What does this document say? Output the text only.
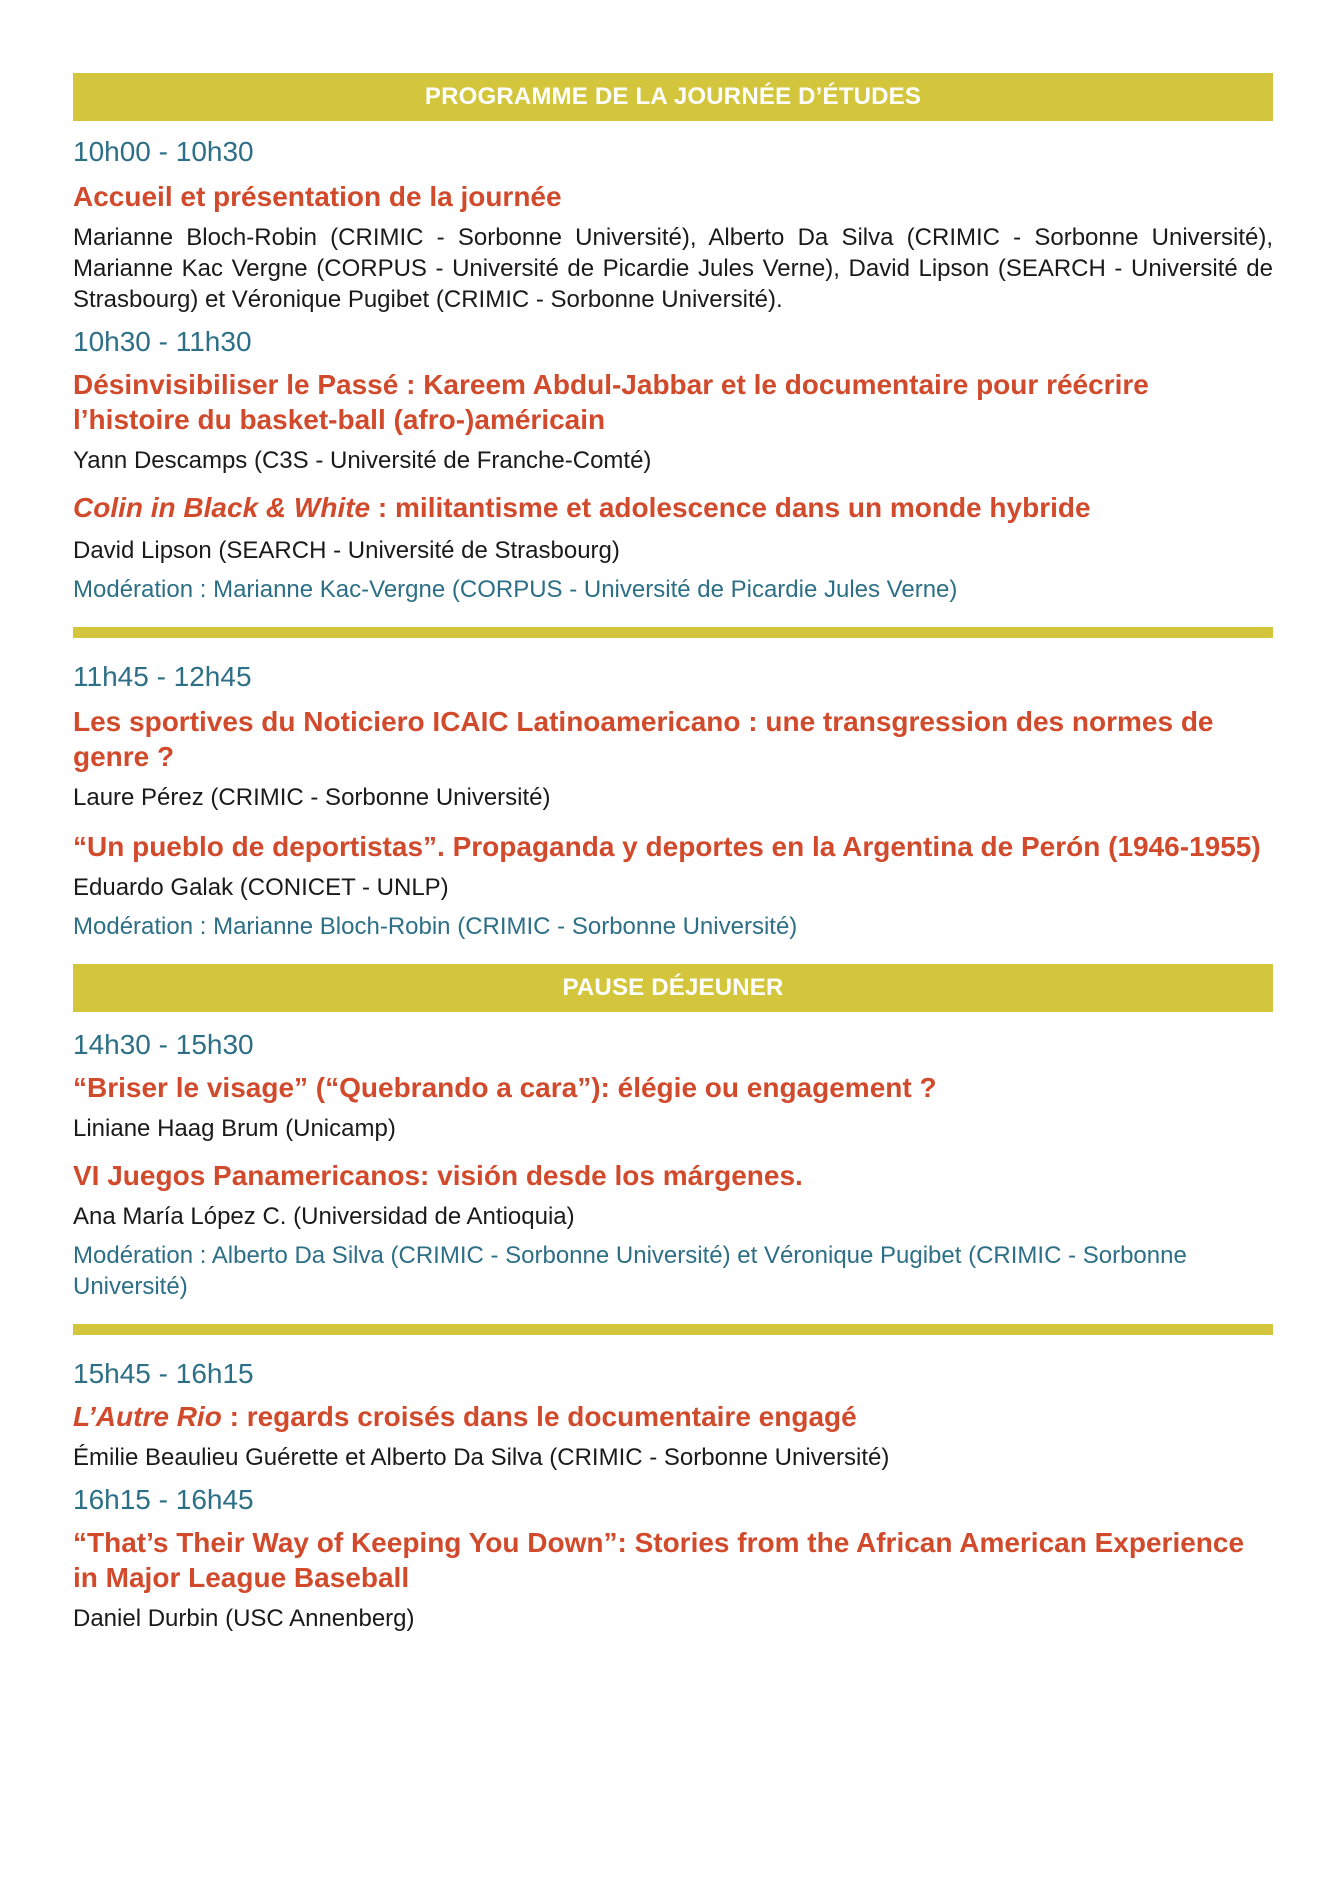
PROGRAMME DE LA JOURNÉE D’ÉTUDES
10h00 - 10h30
Accueil et présentation de la journée
Marianne Bloch-Robin (CRIMIC - Sorbonne Université), Alberto Da Silva (CRIMIC - Sorbonne Université), Marianne Kac Vergne (CORPUS - Université de Picardie Jules Verne), David Lipson (SEARCH - Université de Strasbourg) et Véronique Pugibet (CRIMIC - Sorbonne Université).
10h30 - 11h30
Désinvisibiliser le Passé : Kareem Abdul-Jabbar et le documentaire pour réécrire l’histoire du basket-ball (afro-)américain
Yann Descamps (C3S - Université de Franche-Comté)
Colin in Black & White : militantisme et adolescence dans un monde hybride
David Lipson (SEARCH - Université de Strasbourg)
Modération : Marianne Kac-Vergne (CORPUS - Université de Picardie Jules Verne)
11h45 - 12h45
Les sportives du Noticiero ICAIC Latinoamericano : une transgression des normes de genre ?
Laure Pérez (CRIMIC - Sorbonne Université)
“Un pueblo de deportistas”. Propaganda y deportes en la Argentina de Perón (1946-1955)
Eduardo Galak (CONICET - UNLP)
Modération : Marianne Bloch-Robin (CRIMIC - Sorbonne Université)
PAUSE DÉJEUNER
14h30 - 15h30
“Briser le visage” (“Quebrando a cara”): élégie ou engagement ?
Liniane Haag Brum (Unicamp)
VI Juegos Panamericanos: visión desde los márgenes.
Ana María López C. (Universidad de Antioquia)
Modération : Alberto Da Silva (CRIMIC - Sorbonne Université) et Véronique Pugibet (CRIMIC - Sorbonne Université)
15h45 - 16h15
L’Autre Rio : regards croisés dans le documentaire engagé
Émilie Beaulieu Guérette et Alberto Da Silva (CRIMIC - Sorbonne Université)
16h15 - 16h45
“That’s Their Way of Keeping You Down”: Stories from the African American Experience in Major League Baseball
Daniel Durbin (USC Annenberg)
